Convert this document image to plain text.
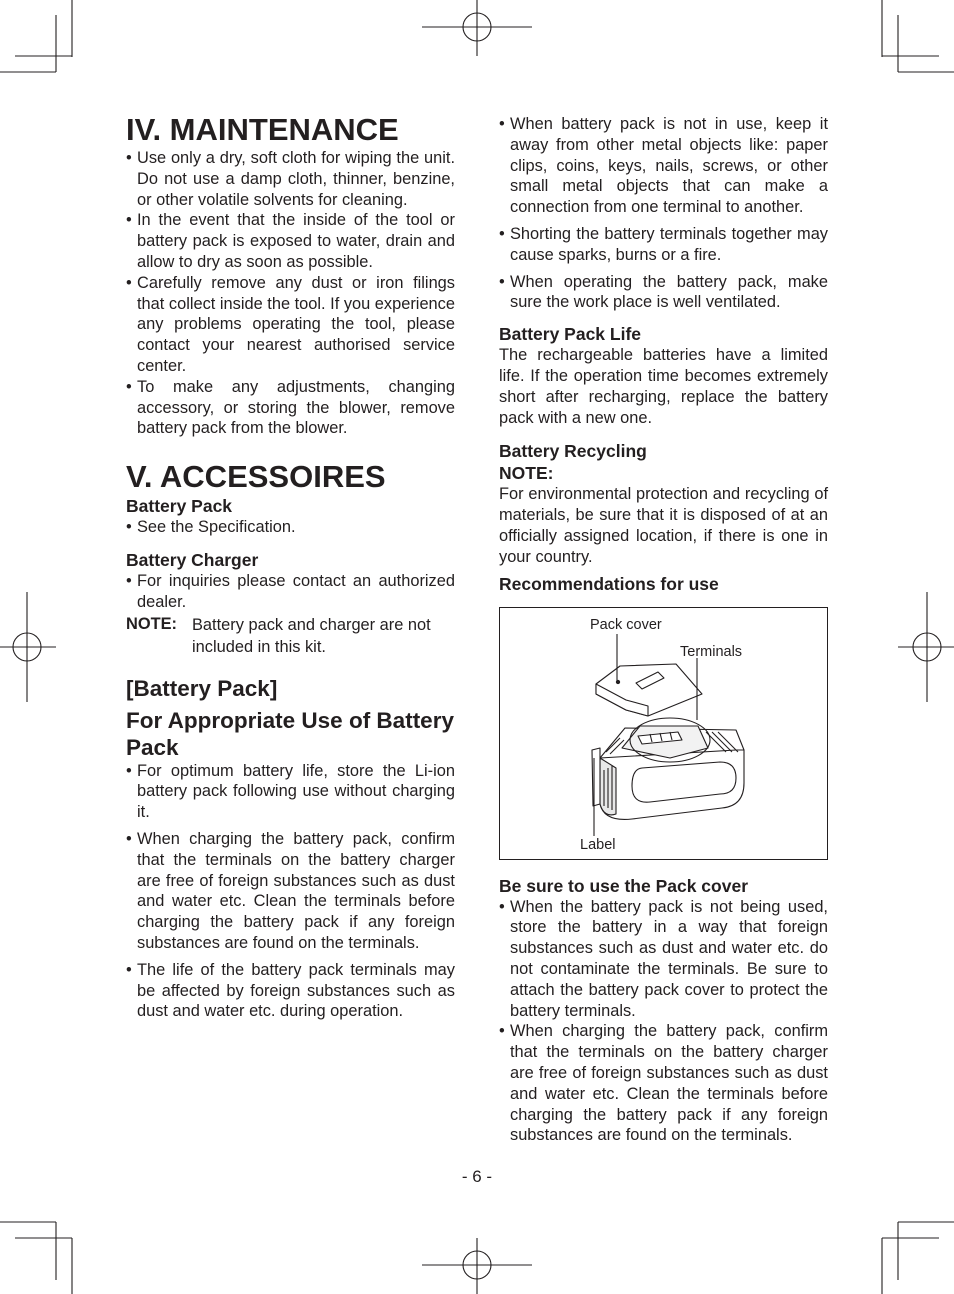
IV. MAINTENANCE
• Use only a dry, soft cloth for wiping the unit. Do not use a damp cloth, thinner, benzine, or other volatile solvents for cleaning.
• In the event that the inside of the tool or battery pack is exposed to water, drain and allow to dry as soon as possible.
• Carefully remove any dust or iron filings that collect inside the tool. If you experience any problems operating the tool, please contact your nearest authorised service center.
• To make any adjustments, changing accessory, or storing the blower, remove battery pack from the blower.
V. ACCESSOIRES
Battery Pack
• See the Specification.
Battery Charger
• For inquiries please contact an authorized dealer.
NOTE: Battery pack and charger are not included in this kit.
[Battery Pack]
For Appropriate Use of Battery Pack
• For optimum battery life, store the Li-ion battery pack following use without charging it.
• When charging the battery pack, confirm that the terminals on the battery charger are free of foreign substances such as dust and water etc. Clean the terminals before charging the battery pack if any foreign substances are found on the terminals.
• The life of the battery pack terminals may be affected by foreign substances such as dust and water etc. during operation.
• When battery pack is not in use, keep it away from other metal objects like: paper clips, coins, keys, nails, screws, or other small metal objects that can make a connection from one terminal to another.
• Shorting the battery terminals together may cause sparks, burns or a fire.
• When operating the battery pack, make sure the work place is well ventilated.
Battery Pack Life

The rechargeable batteries have a limited life. If the operation time becomes extremely short after recharging, replace the battery pack with a new one.

Battery Recycling
NOTE:

For environmental protection and recycling of materials, be sure that it is disposed of at an officially assigned location, if there is one in your country.

Recommendations for use
Pack cover
Terminals
Label
Be sure to use the Pack cover
• When the battery pack is not being used, store the battery in a way that foreign substances such as dust and water etc. do not contaminate the terminals. Be sure to attach the battery pack cover to protect the battery terminals.
• When charging the battery pack, confirm that the terminals on the battery charger are free of foreign substances such as dust and water etc. Clean the terminals before charging the battery pack if any foreign substances are found on the terminals.
- 6 -
